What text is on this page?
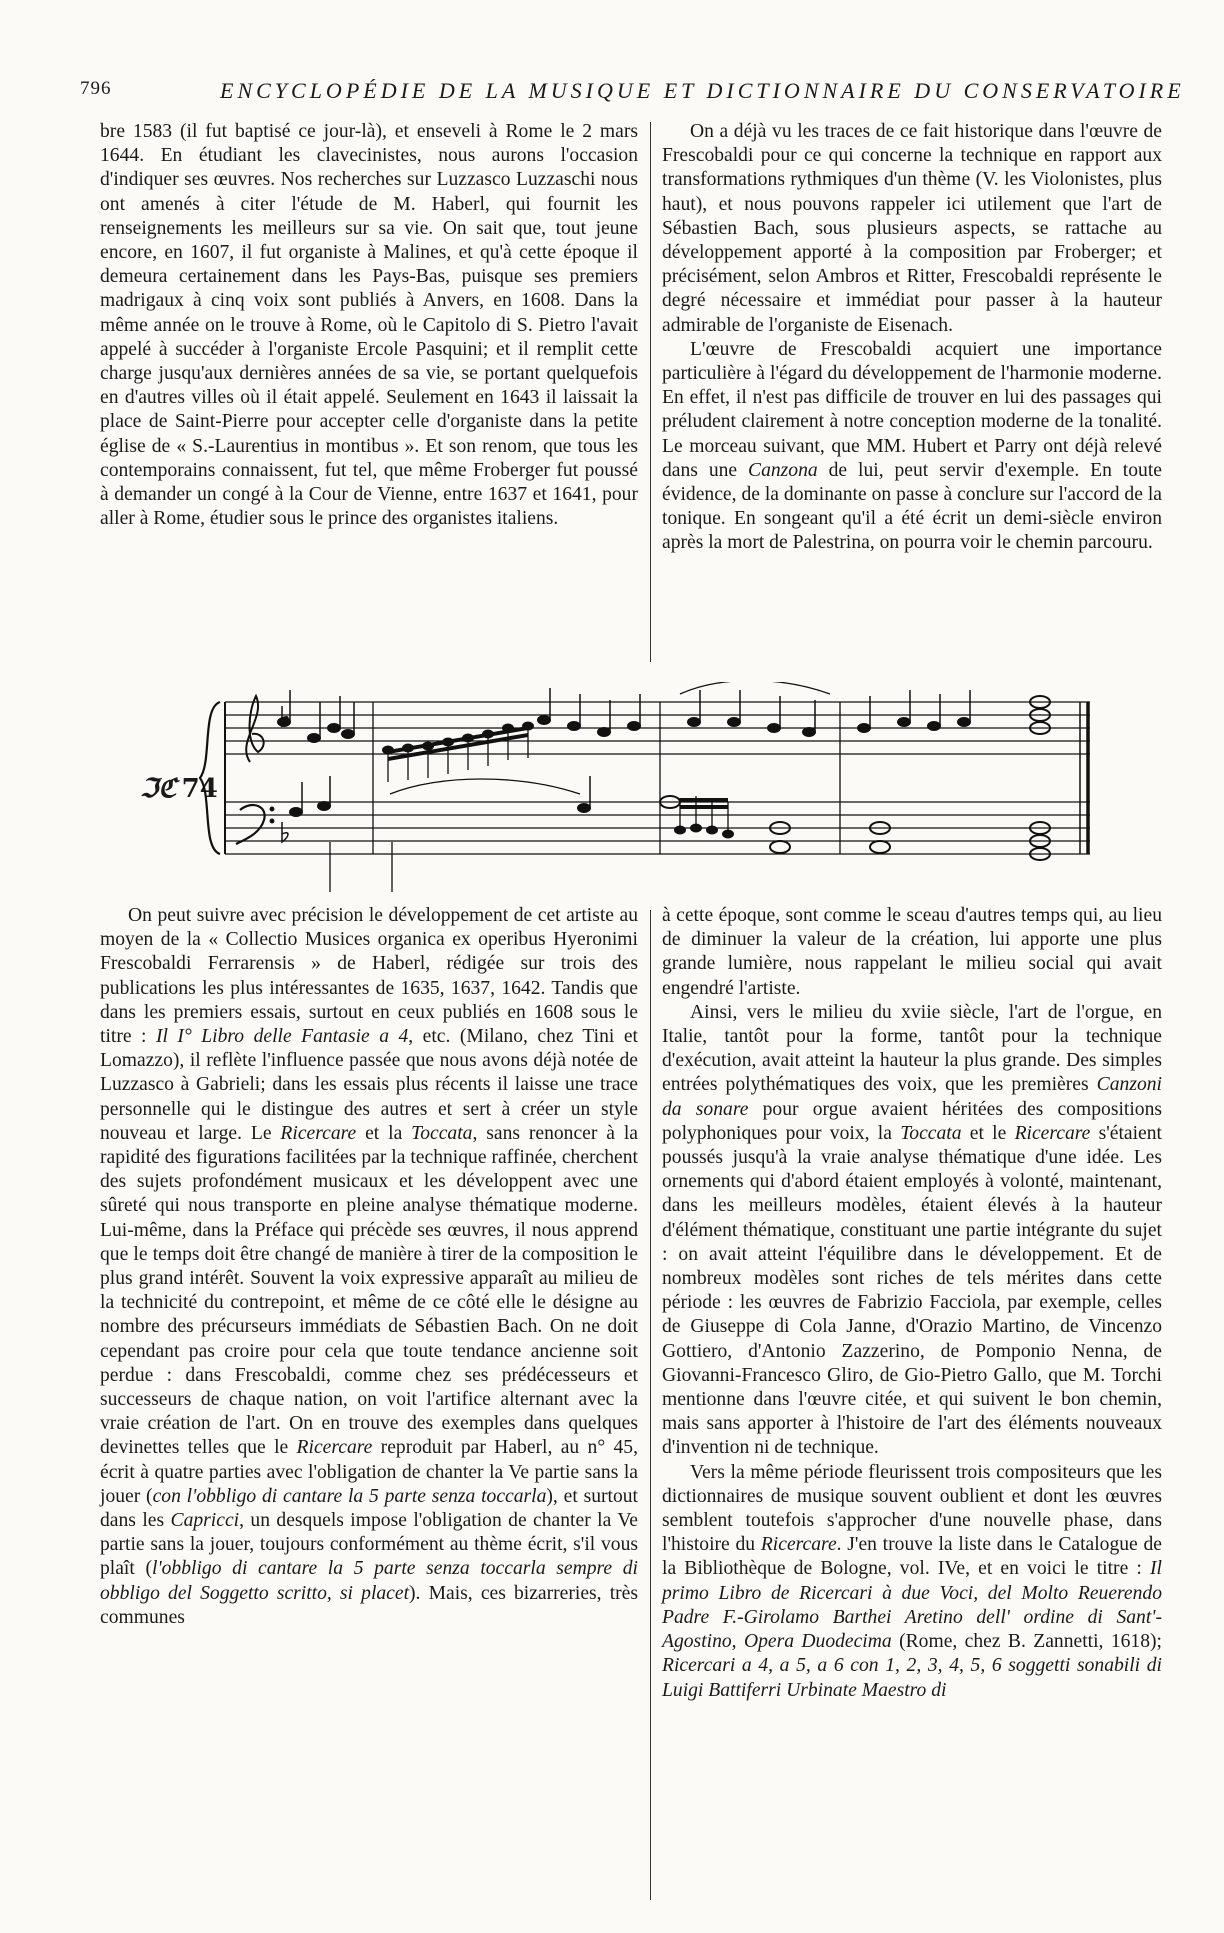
796	ENCYCLOPÉDIE DE LA MUSIQUE ET DICTIONNAIRE DU CONSERVATOIRE

bre 1583 (il fut baptisé ce jour-là), et enseveli à Rome le 2 mars 1644. En étudiant les clavecinistes, nous aurons l'occasion d'indiquer ses œuvres. Nos recherches sur Luzzasco Luzzaschi nous ont amenés à citer l'étude de M. Haberl, qui fournit les renseignements les meilleurs sur sa vie. On sait que, tout jeune encore, en 1607, il fut organiste à Malines, et qu'à cette époque il demeura certainement dans les Pays-Bas, puisque ses premiers madrigaux à cinq voix sont publiés à Anvers, en 1608. Dans la même année on le trouve à Rome, où le Capitolo di S. Pietro l'avait appelé à succéder à l'organiste Ercole Pasquini; et il remplit cette charge jusqu'aux dernières années de sa vie, se portant quelquefois en d'autres villes où il était appelé. Seulement en 1643 il laissait la place de Saint-Pierre pour accepter celle d'organiste dans la petite église de « S.-Laurentius in montibus ». Et son renom, que tous les contemporains connaissent, fut tel, que même Froberger fut poussé à demander un congé à la Cour de Vienne, entre 1637 et 1641, pour aller à Rome, étudier sous le prince des organistes italiens.

On a déjà vu les traces de ce fait historique dans l'œuvre de Frescobaldi pour ce qui concerne la technique en rapport aux transformations rythmiques d'un thème (V. les Violonistes, plus haut), et nous pouvons rappeler ici utilement que l'art de Sébastien Bach, sous plusieurs aspects, se rattache au développement apporté à la composition par Froberger; et précisément, selon Ambros et Ritter, Frescobaldi représente le degré nécessaire et immédiat pour passer à la hauteur admirable de l'organiste de Eisenach.

L'œuvre de Frescobaldi acquiert une importance particulière à l'égard du développement de l'harmonie moderne. En effet, il n'est pas difficile de trouver en lui des passages qui préludent clairement à notre conception moderne de la tonalité. Le morceau suivant, que MM. Hubert et Parry ont déjà relevé dans une Canzona de lui, peut servir d'exemple. En toute évidence, de la dominante on passe à conclure sur l'accord de la tonique. En songeant qu'il a été écrit un demi-siècle environ après la mort de Palestrina, on pourra voir le chemin parcouru.

ℑℭ  74

On peut suivre avec précision le développement de cet artiste au moyen de la « Collectio Musices organica ex operibus Hyeronimi Frescobaldi Ferrarensis » de Haberl, rédigée sur trois des publications les plus intéressantes de 1635, 1637, 1642. Tandis que dans les premiers essais, surtout en ceux publiés en 1608 sous le titre : Il I° Libro delle Fantasie a 4, etc. (Milano, chez Tini et Lomazzo), il reflète l'influence passée que nous avons déjà notée de Luzzasco à Gabrieli; dans les essais plus récents il laisse une trace personnelle qui le distingue des autres et sert à créer un style nouveau et large. Le Ricercare et la Toccata, sans renoncer à la rapidité des figurations facilitées par la technique raffinée, cherchent des sujets profondément musicaux et les développent avec une sûreté qui nous transporte en pleine analyse thématique moderne. Lui-même, dans la Préface qui précède ses œuvres, il nous apprend que le temps doit être changé de manière à tirer de la composition le plus grand intérêt. Souvent la voix expressive apparaît au milieu de la technicité du contrepoint, et même de ce côté elle le désigne au nombre des précurseurs immédiats de Sébastien Bach. On ne doit cependant pas croire pour cela que toute tendance ancienne soit perdue : dans Frescobaldi, comme chez ses prédécesseurs et successeurs de chaque nation, on voit l'artifice alternant avec la vraie création de l'art. On en trouve des exemples dans quelques devinettes telles que le Ricercare reproduit par Haberl, au n° 45, écrit à quatre parties avec l'obligation de chanter la Ve partie sans la jouer (con l'obbligo di cantare la 5 parte senza toccarla), et surtout dans les Capricci, un desquels impose l'obligation de chanter la Ve partie sans la jouer, toujours conformément au thème écrit, s'il vous plaît (l'obbligo di cantare la 5 parte senza toccarla sempre di obbligo del Soggetto scritto, si placet). Mais, ces bizarreries, très communes

à cette époque, sont comme le sceau d'autres temps qui, au lieu de diminuer la valeur de la création, lui apporte une plus grande lumière, nous rappelant le milieu social qui avait engendré l'artiste.

Ainsi, vers le milieu du xviie siècle, l'art de l'orgue, en Italie, tantôt pour la forme, tantôt pour la technique d'exécution, avait atteint la hauteur la plus grande. Des simples entrées polythématiques des voix, que les premières Canzoni da sonare pour orgue avaient héritées des compositions polyphoniques pour voix, la Toccata et le Ricercare s'étaient poussés jusqu'à la vraie analyse thématique d'une idée. Les ornements qui d'abord étaient employés à volonté, maintenant, dans les meilleurs modèles, étaient élevés à la hauteur d'élément thématique, constituant une partie intégrante du sujet : on avait atteint l'équilibre dans le développement. Et de nombreux modèles sont riches de tels mérites dans cette période : les œuvres de Fabrizio Facciola, par exemple, celles de Giuseppe di Cola Janne, d'Orazio Martino, de Vincenzo Gottiero, d'Antonio Zazzerino, de Pomponio Nenna, de Giovanni-Francesco Gliro, de Gio-Pietro Gallo, que M. Torchi mentionne dans l'œuvre citée, et qui suivent le bon chemin, mais sans apporter à l'histoire de l'art des éléments nouveaux d'invention ni de technique.

Vers la même période fleurissent trois compositeurs que les dictionnaires de musique souvent oublient et dont les œuvres semblent toutefois s'approcher d'une nouvelle phase, dans l'histoire du Ricercare. J'en trouve la liste dans le Catalogue de la Bibliothèque de Bologne, vol. IVe, et en voici le titre : Il primo Libro de Ricercari à due Voci, del Molto Reuerendo Padre F.-Girolamo Barthei Aretino dell' ordine di Sant'-Agostino, Opera Duodecima (Rome, chez B. Zannetti, 1618); Ricercari a 4, a 5, a 6 con 1, 2, 3, 4, 5, 6 soggetti sonabili di Luigi Battiferri Urbinate Maestro di
